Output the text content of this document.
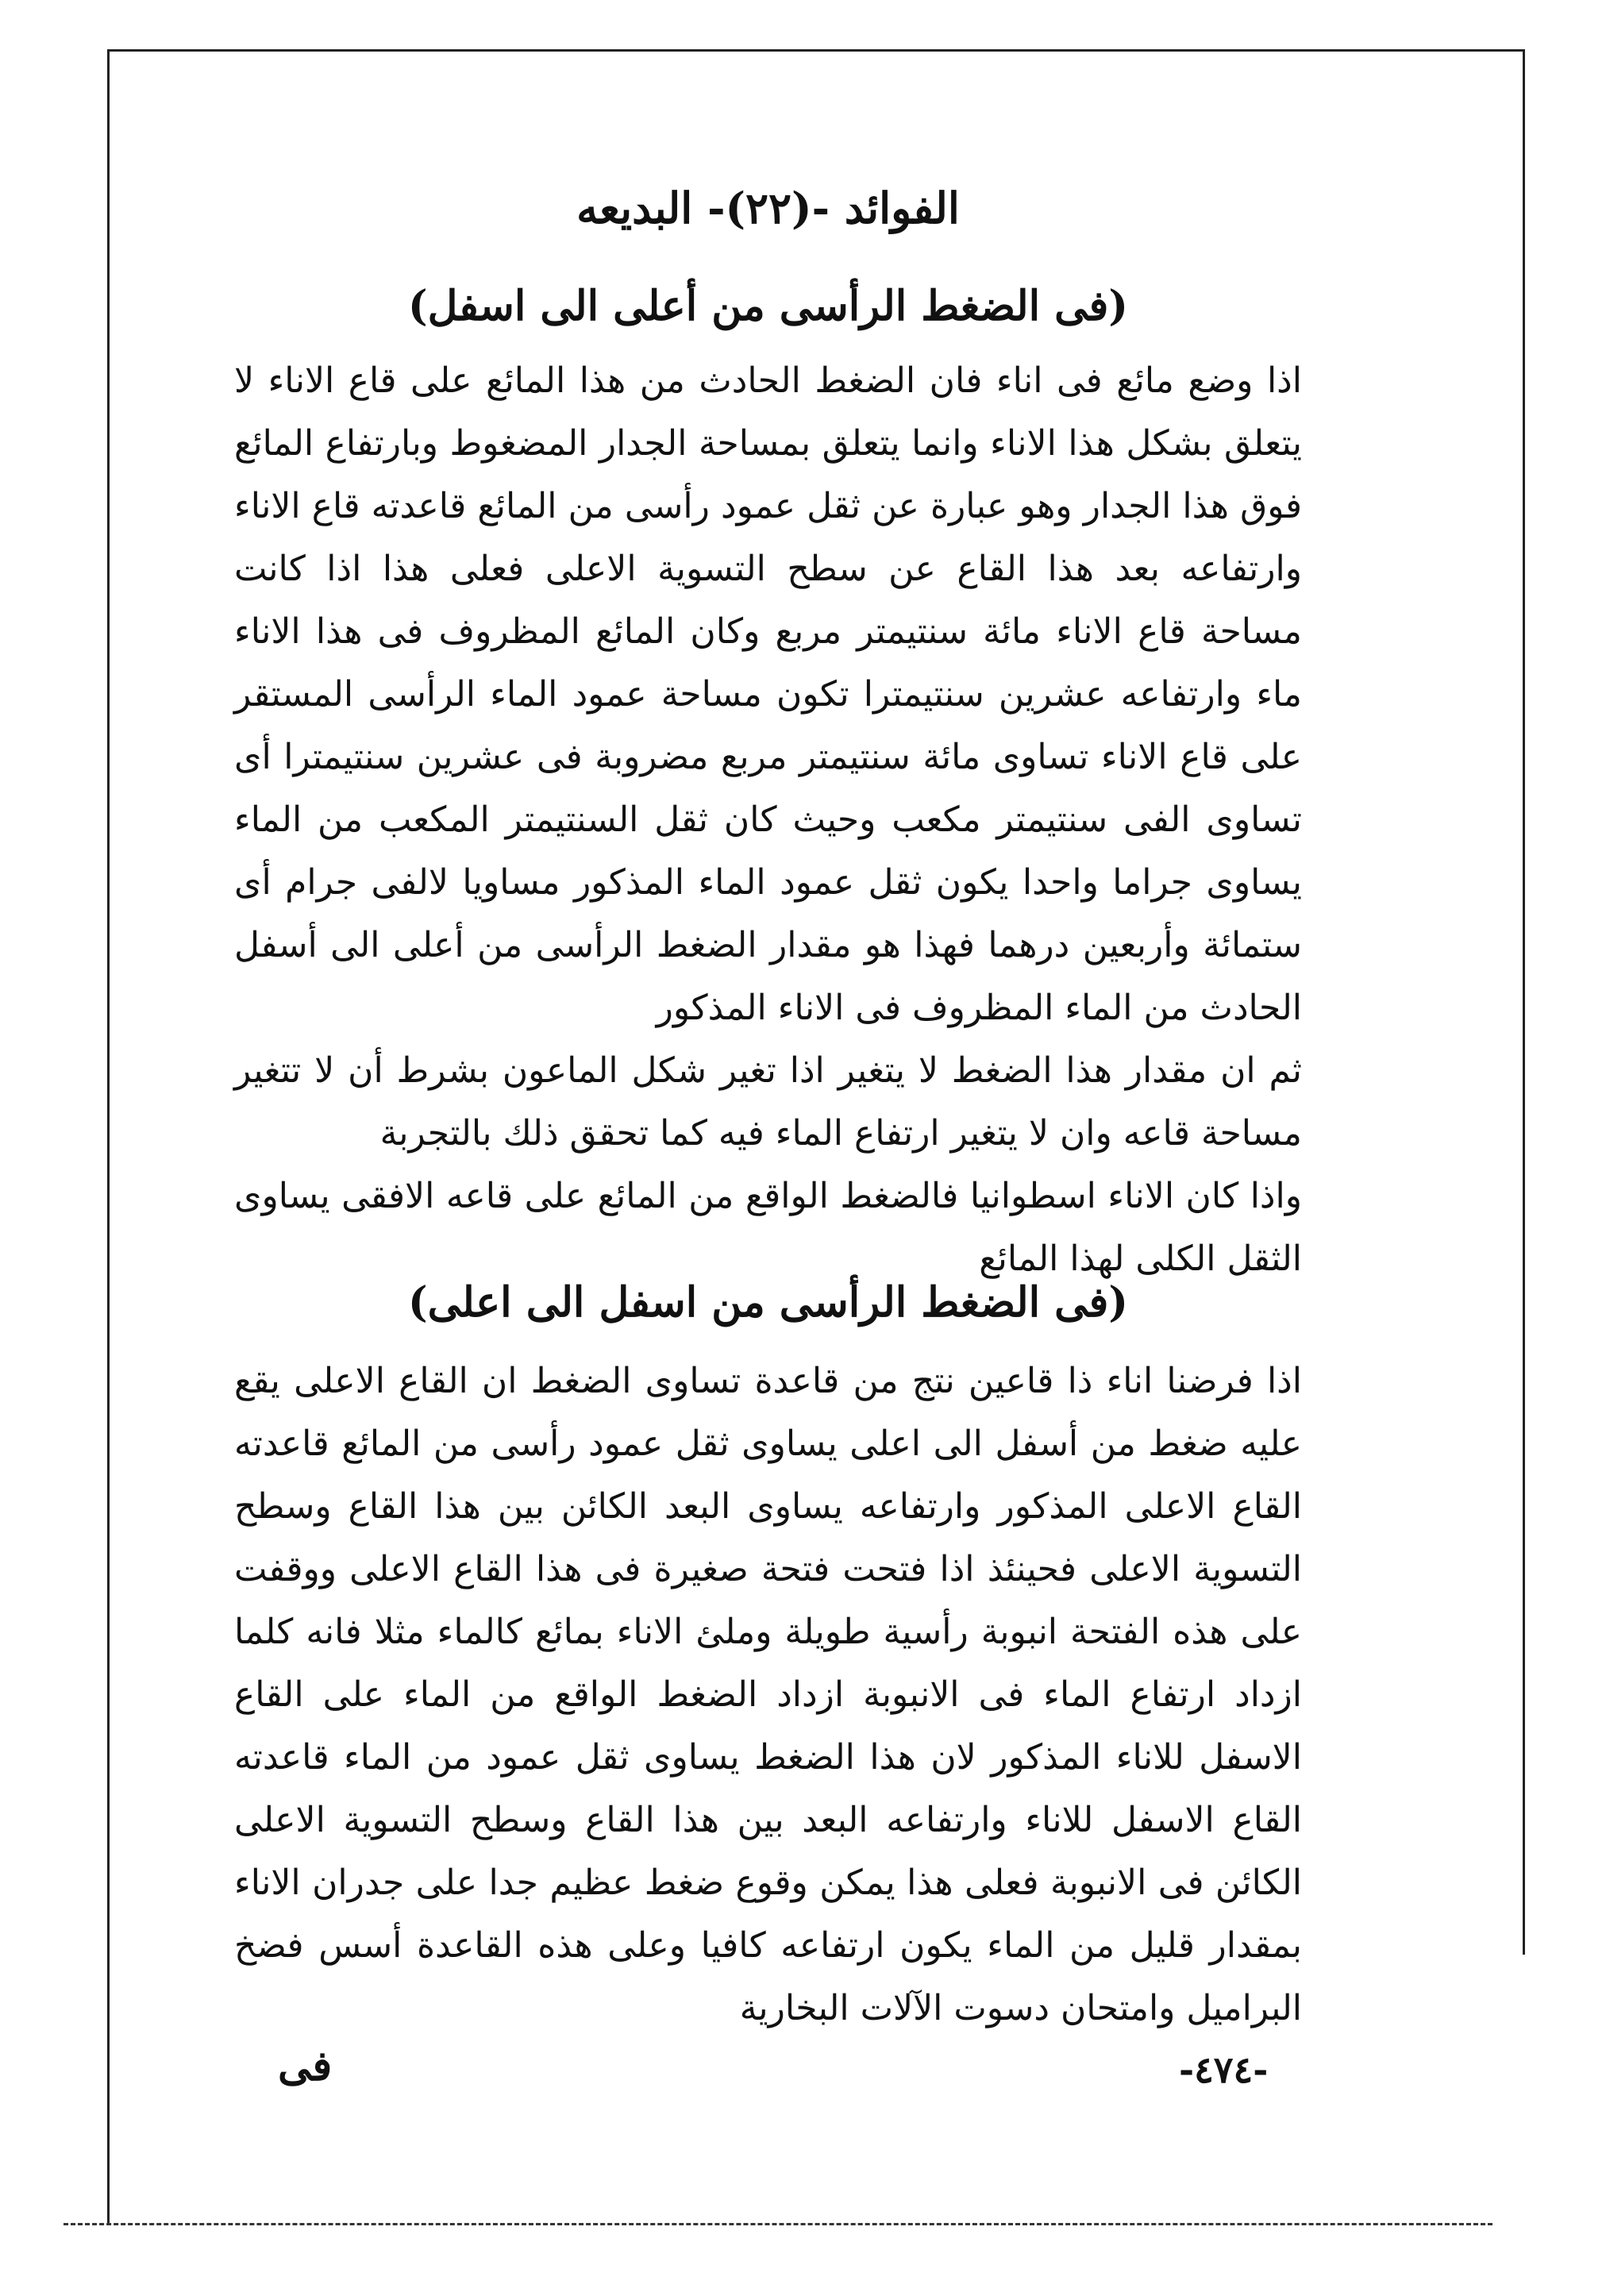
الفوائد -(٢٢)- البديعه
(فى الضغط الرأسى من أعلى الى اسفل)

اذا وضع مائع فى اناء فان الضغط الحادث من هذا المائع على قاع الاناء لا يتعلق بشكل هذا الاناء وانما يتعلق بمساحة الجدار المضغوط وبارتفاع المائع فوق هذا الجدار وهو عبارة عن ثقل عمود رأسى من المائع قاعدته قاع الاناء وارتفاعه بعد هذا القاع عن سطح التسوية الاعلى فعلى هذا اذا كانت مساحة قاع الاناء مائة سنتيمتر مربع وكان المائع المظروف فى هذا الاناء ماء وارتفاعه عشرين سنتيمترا تكون مساحة عمود الماء الرأسى المستقر على قاع الاناء تساوى مائة سنتيمتر مربع مضروبة فى عشرين سنتيمترا أى تساوى الفى سنتيمتر مكعب وحيث كان ثقل السنتيمتر المكعب من الماء يساوى جراما واحدا يكون ثقل عمود الماء المذكور مساويا لالفى جرام أى ستمائة وأربعين درهما فهذا هو مقدار الضغط الرأسى من أعلى الى أسفل الحادث من الماء المظروف فى الاناء المذكور

ثم ان مقدار هذا الضغط لا يتغير اذا تغير شكل الماعون بشرط أن لا تتغير مساحة قاعه وان لا يتغير ارتفاع الماء فيه كما تحقق ذلك بالتجربة

واذا كان الاناء اسطوانيا فالضغط الواقع من المائع على قاعه الافقى يساوى الثقل الكلى لهذا المائع

(فى الضغط الرأسى من اسفل الى اعلى)

اذا فرضنا اناء ذا قاعين نتج من قاعدة تساوى الضغط ان القاع الاعلى يقع عليه ضغط من أسفل الى اعلى يساوى ثقل عمود رأسى من المائع قاعدته القاع الاعلى المذكور وارتفاعه يساوى البعد الكائن بين هذا القاع وسطح التسوية الاعلى فحينئذ اذا فتحت فتحة صغيرة فى هذا القاع الاعلى ووقفت على هذه الفتحة انبوبة رأسية طويلة وملئ الاناء بمائع كالماء مثلا فانه كلما ازداد ارتفاع الماء فى الانبوبة ازداد الضغط الواقع من الماء على القاع الاسفل للاناء المذكور لان هذا الضغط يساوى ثقل عمود من الماء قاعدته القاع الاسفل للاناء وارتفاعه البعد بين هذا القاع وسطح التسوية الاعلى الكائن فى الانبوبة فعلى هذا يمكن وقوع ضغط عظيم جدا على جدران الاناء بمقدار قليل من الماء يكون ارتفاعه كافيا وعلى هذه القاعدة أسس فضخ البراميل وامتحان دسوت الآلات البخارية

فى	-٤٧٤-
